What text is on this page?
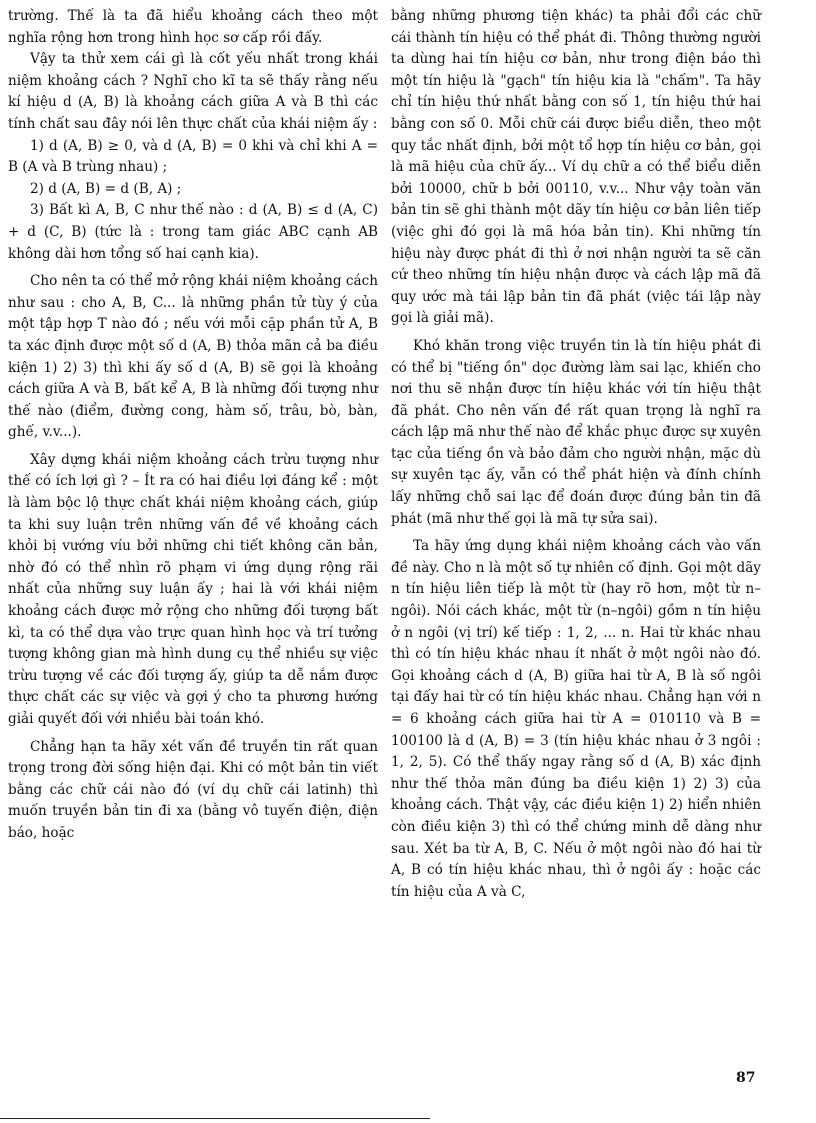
trường. Thế là ta đã hiểu khoảng cách theo một nghĩa rộng hơn trong hình học sơ cấp rồi đấy.

Vậy ta thử xem cái gì là cốt yếu nhất trong khái niệm khoảng cách ? Nghĩ cho kĩ ta sẽ thấy rằng nếu kí hiệu d (A, B) là khoảng cách giữa A và B thì các tính chất sau đây nói lên thực chất của khái niệm ấy :

1) d (A, B) ≥ 0, và d (A, B) = 0 khi và chỉ khi A = B (A và B trùng nhau) ;

2) d (A, B) = d (B, A) ;

3) Bất kì A, B, C như thế nào : d (A, B) ≤ d (A, C) + d (C, B) (tức là : trong tam giác ABC cạnh AB không dài hơn tổng số hai cạnh kia).

Cho nên ta có thể mở rộng khái niệm khoảng cách như sau : cho A, B, C... là những phần tử tùy ý của một tập hợp T nào đó ; nếu với mỗi cặp phần tử A, B ta xác định được một số d (A, B) thỏa mãn cả ba điều kiện 1) 2) 3) thì khi ấy số d (A, B) sẽ gọi là khoảng cách giữa A và B, bất kể A, B là những đối tượng như thế nào (điểm, đường cong, hàm số, trâu, bò, bàn, ghế, v.v...).

Xây dựng khái niệm khoảng cách trừu tượng như thế có ích lợi gì ? – Ít ra có hai điều lợi đáng kể : một là làm bộc lộ thực chất khái niệm khoảng cách, giúp ta khi suy luận trên những vấn đề về khoảng cách khỏi bị vướng víu bởi những chi tiết không căn bản, nhờ đó có thể nhìn rõ phạm vi ứng dụng rộng rãi nhất của những suy luận ấy ; hai là với khái niệm khoảng cách được mở rộng cho những đối tượng bất kì, ta có thể dựa vào trực quan hình học và trí tưởng tượng không gian mà hình dung cụ thể nhiều sự việc trừu tượng về các đối tượng ấy, giúp ta dễ nắm được thực chất các sự việc và gợi ý cho ta phương hướng giải quyết đối với nhiều bài toán khó.

Chẳng hạn ta hãy xét vấn đề truyền tin rất quan trọng trong đời sống hiện đại. Khi có một bản tin viết bằng các chữ cái nào đó (ví dụ chữ cái latinh) thì muốn truyền bản tin đi xa (bằng vô tuyến điện, điện báo, hoặc

bằng những phương tiện khác) ta phải đổi các chữ cái thành tín hiệu có thể phát đi. Thông thường người ta dùng hai tín hiệu cơ bản, như trong điện báo thì một tín hiệu là "gạch" tín hiệu kia là "chấm". Ta hãy chỉ tín hiệu thứ nhất bằng con số 1, tín hiệu thứ hai bằng con số 0. Mỗi chữ cái được biểu diễn, theo một quy tắc nhất định, bởi một tổ hợp tín hiệu cơ bản, gọi là mã hiệu của chữ ấy... Ví dụ chữ a có thể biểu diễn bởi 10000, chữ b bởi 00110, v.v... Như vậy toàn văn bản tin sẽ ghi thành một dãy tín hiệu cơ bản liên tiếp (việc ghi đó gọi là mã hóa bản tin). Khi những tín hiệu này được phát đi thì ở nơi nhận người ta sẽ căn cứ theo những tín hiệu nhận được và cách lập mã đã quy ước mà tái lập bản tin đã phát (việc tái lập này gọi là giải mã).

Khó khăn trong việc truyền tin là tín hiệu phát đi có thể bị "tiếng ồn" dọc đường làm sai lạc, khiến cho nơi thu sẽ nhận được tín hiệu khác với tín hiệu thật đã phát. Cho nên vấn đề rất quan trọng là nghĩ ra cách lập mã như thế nào để khắc phục được sự xuyên tạc của tiếng ồn và bảo đảm cho người nhận, mặc dù sự xuyên tạc ấy, vẫn có thể phát hiện và đính chính lấy những chỗ sai lạc để đoán được đúng bản tin đã phát (mã như thế gọi là mã tự sửa sai).

Ta hãy ứng dụng khái niệm khoảng cách vào vấn đề này. Cho n là một số tự nhiên cố định. Gọi một dãy n tín hiệu liên tiếp là một từ (hay rõ hơn, một từ n–ngôi). Nói cách khác, một từ (n–ngôi) gồm n tín hiệu ở n ngôi (vị trí) kế tiếp : 1, 2, ... n. Hai từ khác nhau thì có tín hiệu khác nhau ít nhất ở một ngôi nào đó. Gọi khoảng cách d (A, B) giữa hai từ A, B là số ngôi tại đấy hai từ có tín hiệu khác nhau. Chẳng hạn với n = 6 khoảng cách giữa hai từ A = 010110 và B = 100100 là d (A, B) = 3 (tín hiệu khác nhau ở 3 ngôi : 1, 2, 5). Có thể thấy ngay rằng số d (A, B) xác định như thế thỏa mãn đúng ba điều kiện 1) 2) 3) của khoảng cách. Thật vậy, các điều kiện 1) 2) hiển nhiên còn điều kiện 3) thì có thể chứng minh dễ dàng như sau. Xét ba từ A, B, C. Nếu ở một ngôi nào đó hai từ A, B có tín hiệu khác nhau, thì ở ngôi ấy : hoặc các tín hiệu của A và C,

87
